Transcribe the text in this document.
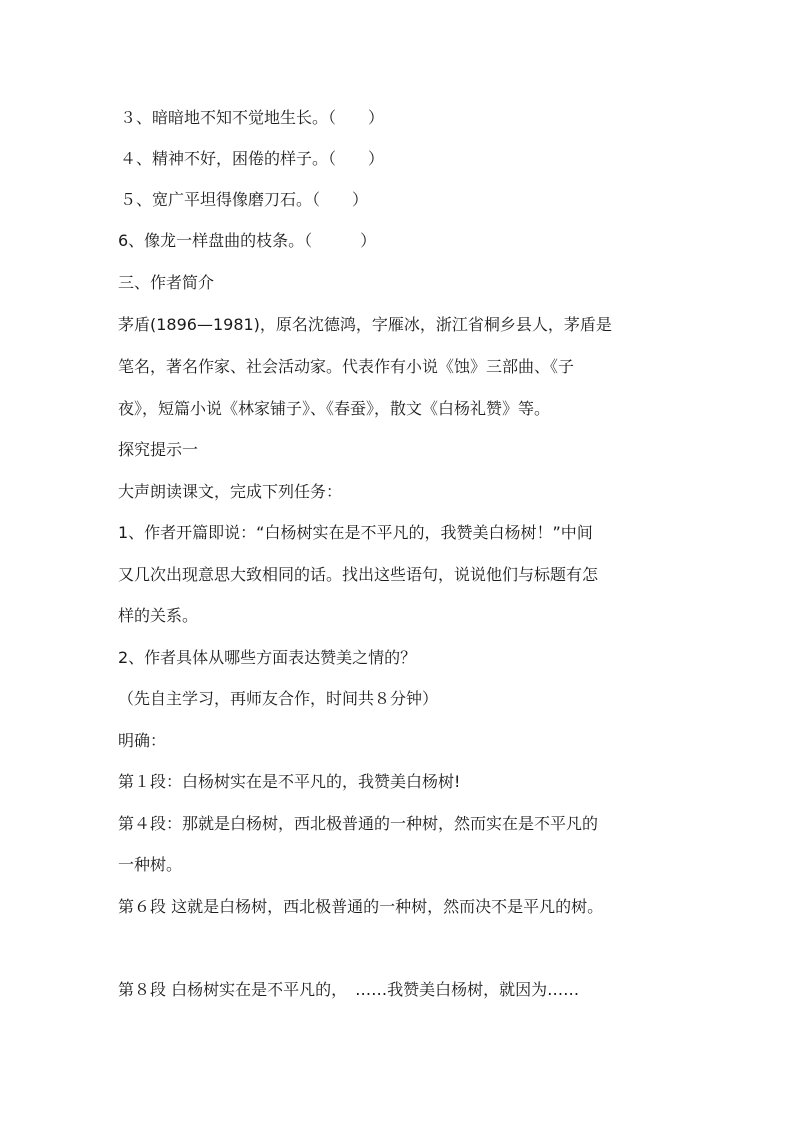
３、暗暗地不知不觉地生长。（　　）
４、精神不好，困倦的样子。（　　）
５、宽广平坦得像磨刀石。（　　）
6、像龙一样盘曲的枝条。（　　　）
三、作者简介
茅盾(1896—1981)，原名沈德鸿，字雁冰，浙江省桐乡县人，茅盾是
笔名，著名作家、社会活动家。代表作有小说《蚀》三部曲、《子
夜》，短篇小说《林家铺子》、《春蚕》，散文《白杨礼赞》等。
探究提示一
大声朗读课文，完成下列任务：
1、作者开篇即说：“白杨树实在是不平凡的，我赞美白杨树！”中间
又几次出现意思大致相同的话。找出这些语句，说说他们与标题有怎
样的关系。
2、作者具体从哪些方面表达赞美之情的？
（先自主学习，再师友合作，时间共８分钟）
明确：
第１段：白杨树实在是不平凡的，我赞美白杨树!
第４段：那就是白杨树，西北极普通的一种树，然而实在是不平凡的
一种树。
第６段 这就是白杨树，西北极普通的一种树，然而决不是平凡的树。
第８段 白杨树实在是不平凡的，　……我赞美白杨树，就因为……
